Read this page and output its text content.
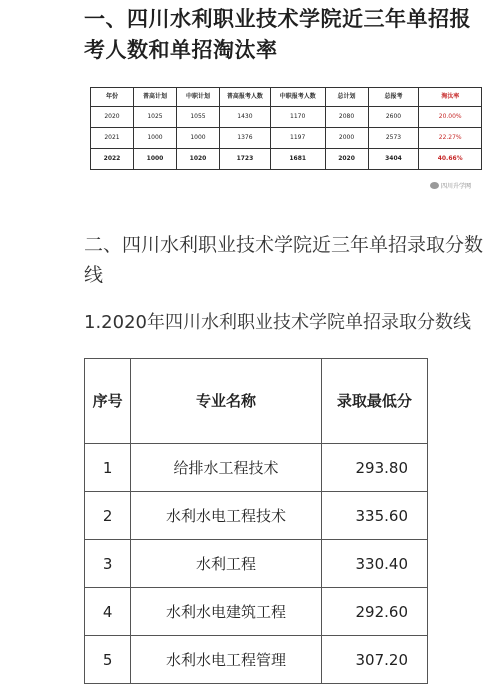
一、四川水利职业技术学院近三年单招报考人数和单招淘汰率
年份	普高计划	中职计划	普高报考人数	中职报考人数	总计划	总报考	淘汰率
2020	1025	1055	1430	1170	2080	2600	20.00%
2021	1000	1000	1376	1197	2000	2573	22.27%
2022	1000	1020	1723	1681	2020	3404	40.66%
四川升学网
二、四川水利职业技术学院近三年单招录取分数线
1.2020年四川水利职业技术学院单招录取分数线
序号	专业名称	录取最低分
1	给排水工程技术	293.80
2	水利水电工程技术	335.60
3	水利工程	330.40
4	水利水电建筑工程	292.60
5	水利水电工程管理	307.20
